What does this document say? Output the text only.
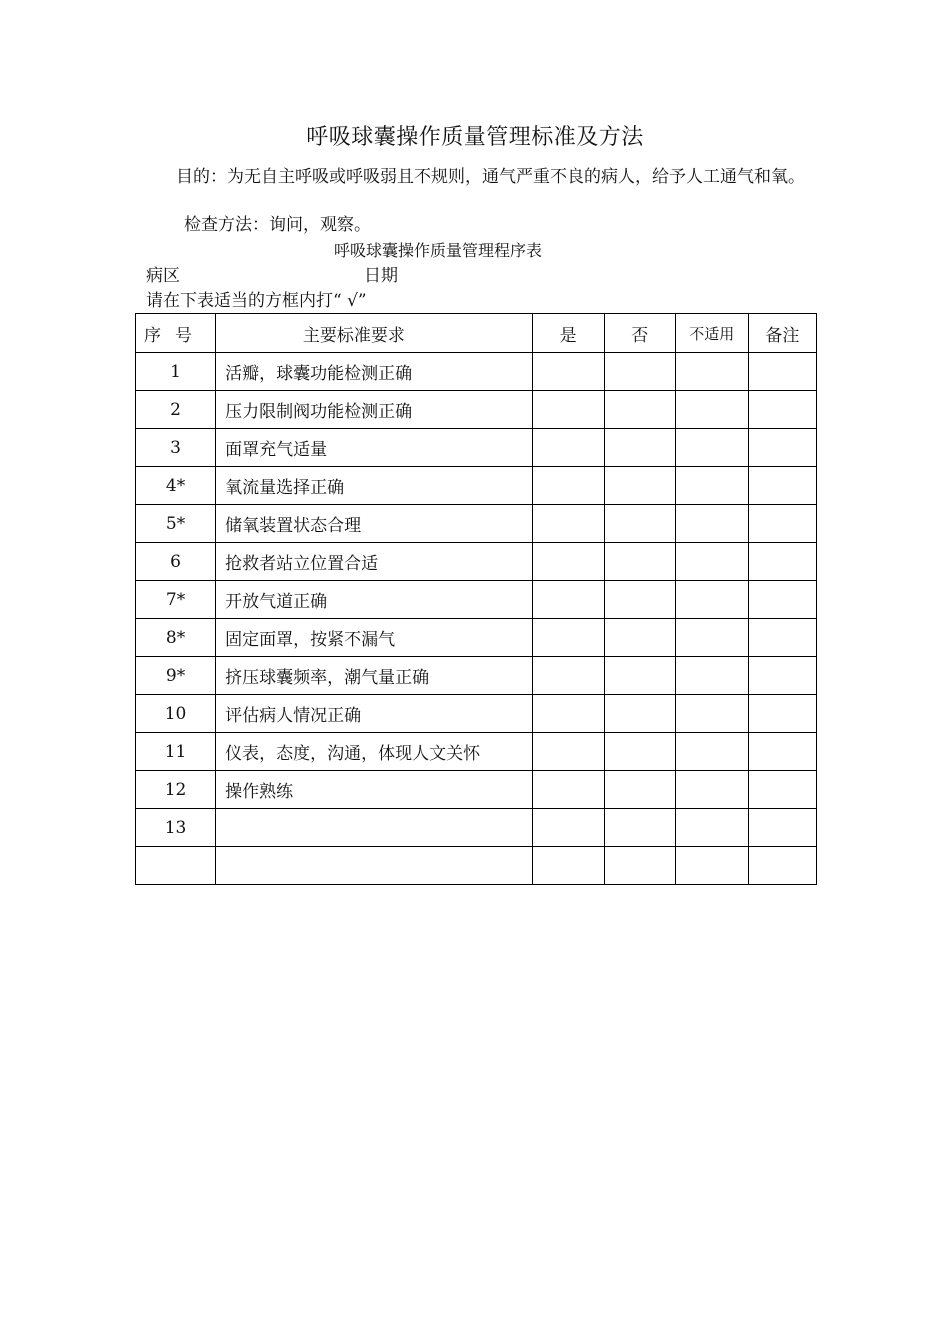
呼吸球囊操作质量管理标准及方法
目的：为无自主呼吸或呼吸弱且不规则，通气严重不良的病人，给予人工通气和氧。
检查方法：询问，观察。
呼吸球囊操作质量管理程序表
病区	日期
请在下表适当的方框内打“ √”
序号	主要标准要求	是	否	不适用	备注
1	活瓣，球囊功能检测正确				
2	压力限制阀功能检测正确				
3	面罩充气适量				
4*	氧流量选择正确				
5*	储氧装置状态合理				
6	抢救者站立位置合适				
7*	开放气道正确				
8*	固定面罩，按紧不漏气				
9*	挤压球囊频率，潮气量正确				
10	评估病人情况正确				
11	仪表，态度，沟通，体现人文关怀				
12	操作熟练				
13					
